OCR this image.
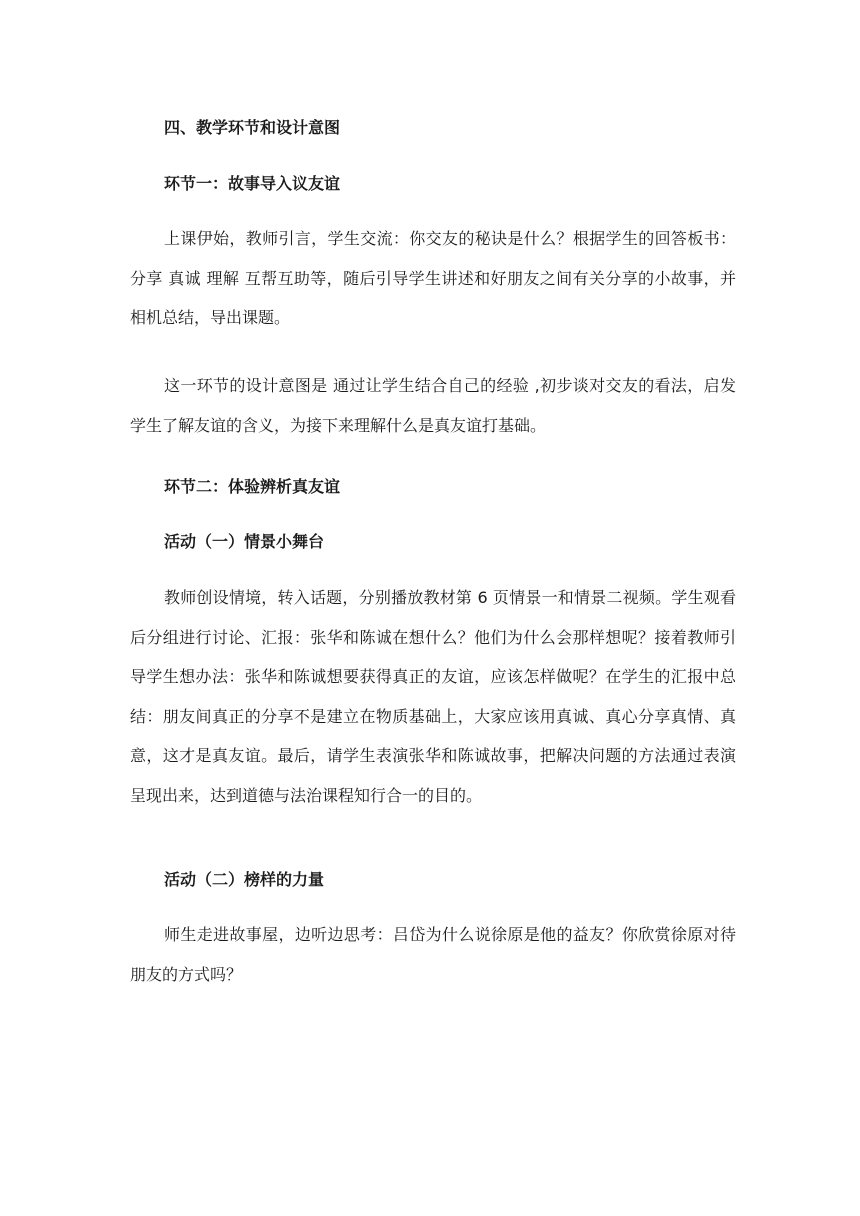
四、教学环节和设计意图
环节一：故事导入议友谊

上课伊始，教师引言，学生交流：你交友的秘诀是什么？根据学生的回答板书：分享 真诚 理解 互帮互助等，随后引导学生讲述和好朋友之间有关分享的小故事，并相机总结，导出课题。

这一环节的设计意图是 通过让学生结合自己的经验 ,初步谈对交友的看法，启发学生了解友谊的含义，为接下来理解什么是真友谊打基础。

环节二：体验辨析真友谊
活动（一）情景小舞台

教师创设情境，转入话题，分别播放教材第 6 页情景一和情景二视频。学生观看后分组进行讨论、汇报：张华和陈诚在想什么？他们为什么会那样想呢？接着教师引导学生想办法：张华和陈诚想要获得真正的友谊，应该怎样做呢？在学生的汇报中总结：朋友间真正的分享不是建立在物质基础上，大家应该用真诚、真心分享真情、真意，这才是真友谊。最后，请学生表演张华和陈诚故事，把解决问题的方法通过表演呈现出来，达到道德与法治课程知行合一的目的。

活动（二）榜样的力量

师生走进故事屋，边听边思考：吕岱为什么说徐原是他的益友？你欣赏徐原对待朋友的方式吗？
